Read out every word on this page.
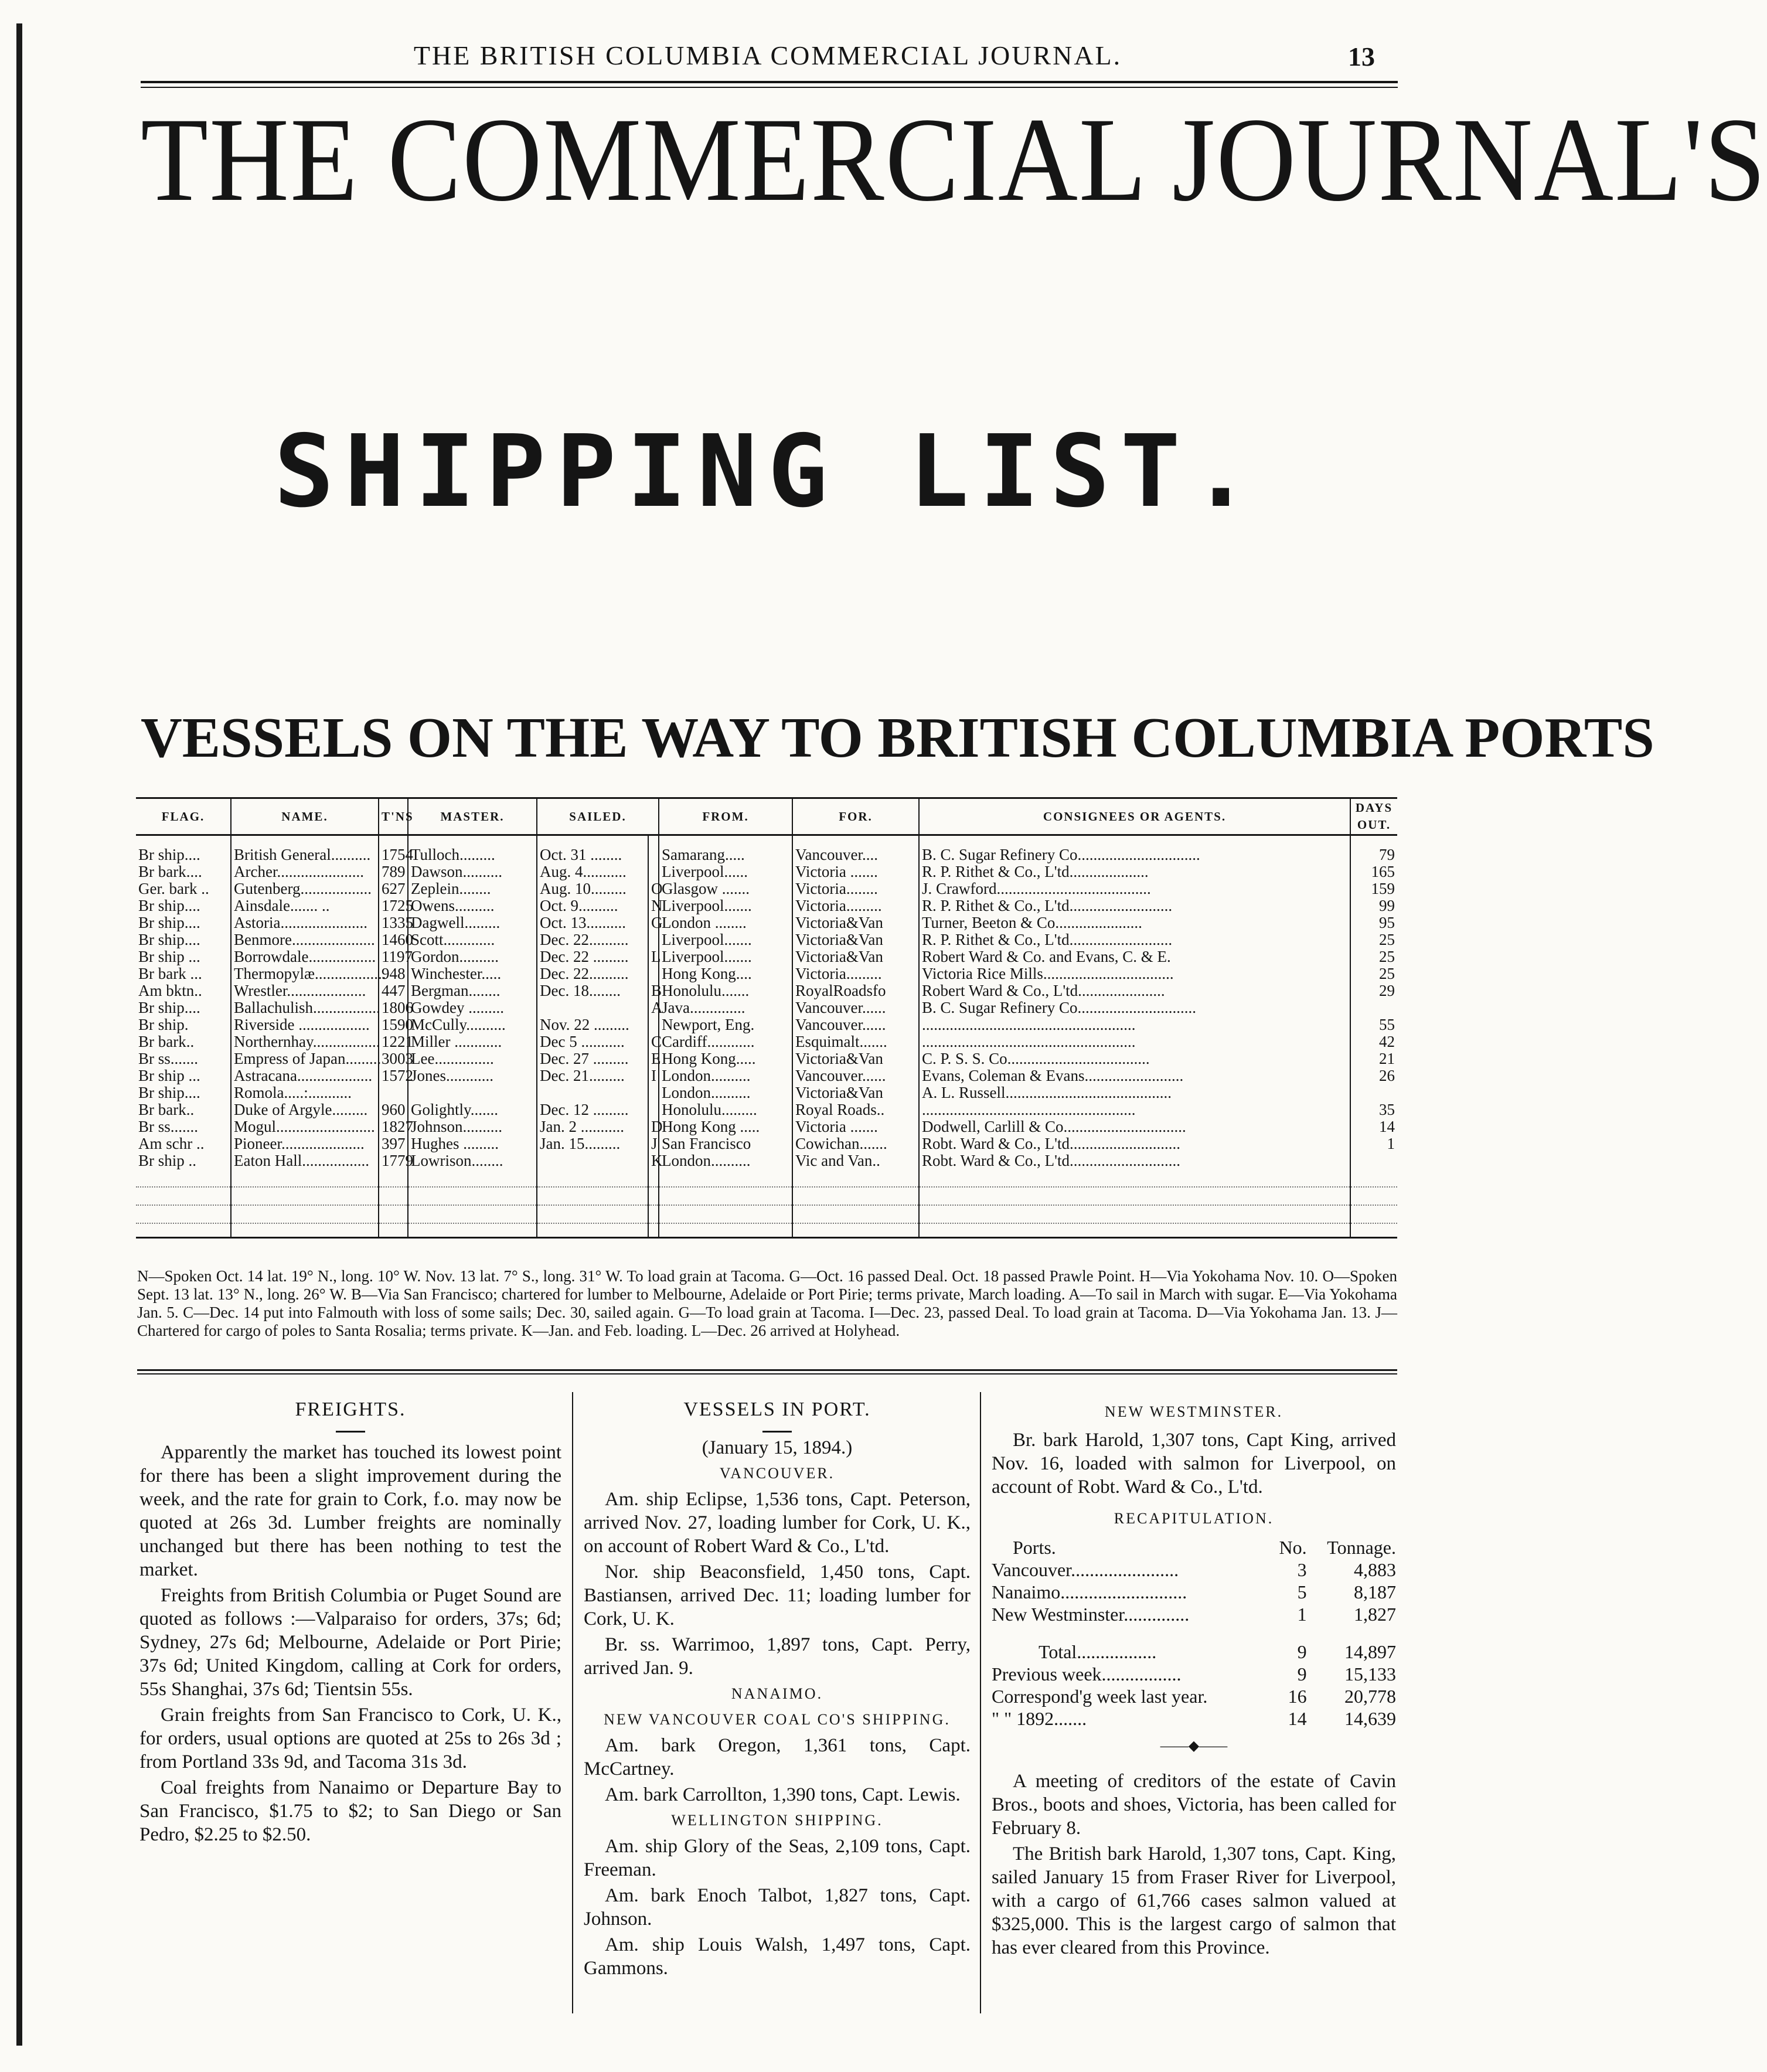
THE BRITISH COLUMBIA COMMERCIAL JOURNAL.	13
THE COMMERCIAL JOURNAL'S
SHIPPING LIST.
VESSELS ON THE WAY TO BRITISH COLUMBIA PORTS
FLAG.	NAME.	T'NS	MASTER.	SAILED.		FROM.	FOR.	CONSIGNEES OR AGENTS.	DAYS OUT.
Br ship....	British General..........	1754	Tulloch.........	Oct. 31 ........		Samarang.....	Vancouver....	B. C. Sugar Refinery Co...............................	79
Br bark....	Archer......................	789	Dawson..........	Aug. 4...........		Liverpool......	Victoria .......	R. P. Rithet & Co., L'td....................	165
Ger. bark ..	Gutenberg..................	627	Zeplein........	Aug. 10.........	O	Glasgow .......	Victoria........	J. Crawford.......................................	159
Br ship....	Ainsdale....... ..	1725	Owens..........	Oct. 9..........	N	Liverpool.......	Victoria.........	R. P. Rithet & Co., L'td..........................	99
Br ship....	Astoria......................	1335	Dagwell.........	Oct. 13..........	G	London ........	Victoria&Van	Turner, Beeton & Co......................	95
Br ship....	Benmore.....................	1460	Scott.............	Dec. 22..........		Liverpool.......	Victoria&Van	R. P. Rithet & Co., L'td..........................	25
Br ship ...	Borrowdale.................	1197	Gordon..........	Dec. 22 .........	L	Liverpool.......	Victoria&Van	Robert Ward & Co. and Evans, C. & E.	25
Br bark ...	Thermopylæ..................	948	Winchester.....	Dec. 22..........		Hong Kong....	Victoria.........	Victoria Rice Mills.................................	25
Am bktn..	Wrestler....................	447	Bergman........	Dec. 18........	B	Honolulu.......	RoyalRoadsfo	Robert Ward & Co., L'td......................	29
Br ship....	Ballachulish.................	1806	Gowdey .........		A	Java..............	Vancouver......	B. C. Sugar Refinery Co..............................	
Br ship.	Riverside ..................	1590	McCully..........	Nov. 22 .........		Newport, Eng.	Vancouver......	......................................................	55
Br bark..	Northernhay.................	1221	Miller ............	Dec 5 ...........	C	Cardiff............	Esquimalt.......	......................................................	42
Br ss.......	Empress of Japan.........	3003	Lee...............	Dec. 27 .........	E	Hong Kong.....	Victoria&Van	C. P. S. S. Co....................................	21
Br ship ...	Astracana...................	1572	Jones............	Dec. 21.........	I	London..........	Vancouver......	Evans, Coleman & Evans.........................	26
Br ship....	Romola.....:...........					London..........	Victoria&Van	A. L. Russell..........................................	
Br bark..	Duke of Argyle.........	960	Golightly.......	Dec. 12 .........		Honolulu.........	Royal Roads..	......................................................	35
Br ss.......	Mogul.........................	1827	Johnson..........	Jan. 2 ...........	D	Hong Kong .....	Victoria .......	Dodwell, Carlill & Co...............................	14
Am schr ..	Pioneer.....................	397	Hughes .........	Jan. 15.........	J	San Francisco	Cowichan.......	Robt. Ward & Co., L'td............................	1
Br ship ..	Eaton Hall.................	1779	Lowrison........		K	London..........	Vic and Van..	Robt. Ward & Co., L'td............................	

N—Spoken Oct. 14 lat. 19° N., long. 10° W. Nov. 13 lat. 7° S., long. 31° W. To load grain at Tacoma. G—Oct. 16 passed Deal. Oct. 18 passed Prawle Point. H—Via Yokohama Nov. 10. O—Spoken Sept. 13 lat. 13° N., long. 26° W. B—Via San Francisco; chartered for lumber to Melbourne, Adelaide or Port Pirie; terms private, March loading. A—To sail in March with sugar. E—Via Yokohama Jan. 5. C—Dec. 14 put into Falmouth with loss of some sails; Dec. 30, sailed again. G—To load grain at Tacoma. I—Dec. 23, passed Deal. To load grain at Tacoma. D—Via Yokohama Jan. 13. J—Chartered for cargo of poles to Santa Rosalia; terms private. K—Jan. and Feb. loading. L—Dec. 26 arrived at Holyhead.
FREIGHTS.

Apparently the market has touched its lowest point for there has been a slight improvement during the week, and the rate for grain to Cork, f.o. may now be quoted at 26s 3d. Lumber freights are nominally unchanged but there has been nothing to test the market.

Freights from British Columbia or Puget Sound are quoted as follows :—Valparaiso for orders, 37s; 6d; Sydney, 27s 6d; Melbourne, Adelaide or Port Pirie; 37s 6d; United Kingdom, calling at Cork for orders, 55s Shanghai, 37s 6d; Tientsin 55s.

Grain freights from San Francisco to Cork, U. K., for orders, usual options are quoted at 25s to 26s 3d ; from Portland 33s 9d, and Tacoma 31s 3d.

Coal freights from Nanaimo or Departure Bay to San Francisco, $1.75 to $2; to San Diego or San Pedro, $2.25 to $2.50.

VESSELS IN PORT.
(January 15, 1894.)
VANCOUVER.

Am. ship Eclipse, 1,536 tons, Capt. Peterson, arrived Nov. 27, loading lumber for Cork, U. K., on account of Robert Ward & Co., L'td.

Nor. ship Beaconsfield, 1,450 tons, Capt. Bastiansen, arrived Dec. 11; loading lumber for Cork, U. K.

Br. ss. Warrimoo, 1,897 tons, Capt. Perry, arrived Jan. 9.

NANAIMO.
NEW VANCOUVER COAL CO'S SHIPPING.

Am. bark Oregon, 1,361 tons, Capt. McCartney.

Am. bark Carrollton, 1,390 tons, Capt. Lewis.

WELLINGTON SHIPPING.

Am. ship Glory of the Seas, 2,109 tons, Capt. Freeman.

Am. bark Enoch Talbot, 1,827 tons, Capt. Johnson.

Am. ship Louis Walsh, 1,497 tons, Capt. Gammons.

NEW WESTMINSTER.

Br. bark Harold, 1,307 tons, Capt King, arrived Nov. 16, loaded with salmon for Liverpool, on account of Robt. Ward & Co., L'td.

RECAPITULATION.
Ports.	No.	Tonnage.
Vancouver.......................	3	4,883
Nanaimo...........................	5	8,187
New Westminster..............	1	1,827
Total.................	9	14,897
Previous week.................	9	15,133
Correspond'g week last year.	16	20,778
" " 1892.......	14	14,639
——◆——

A meeting of creditors of the estate of Cavin Bros., boots and shoes, Victoria, has been called for February 8.

The British bark Harold, 1,307 tons, Capt. King, sailed January 15 from Fraser River for Liverpool, with a cargo of 61,766 cases salmon valued at $325,000. This is the largest cargo of salmon that has ever cleared from this Province.
